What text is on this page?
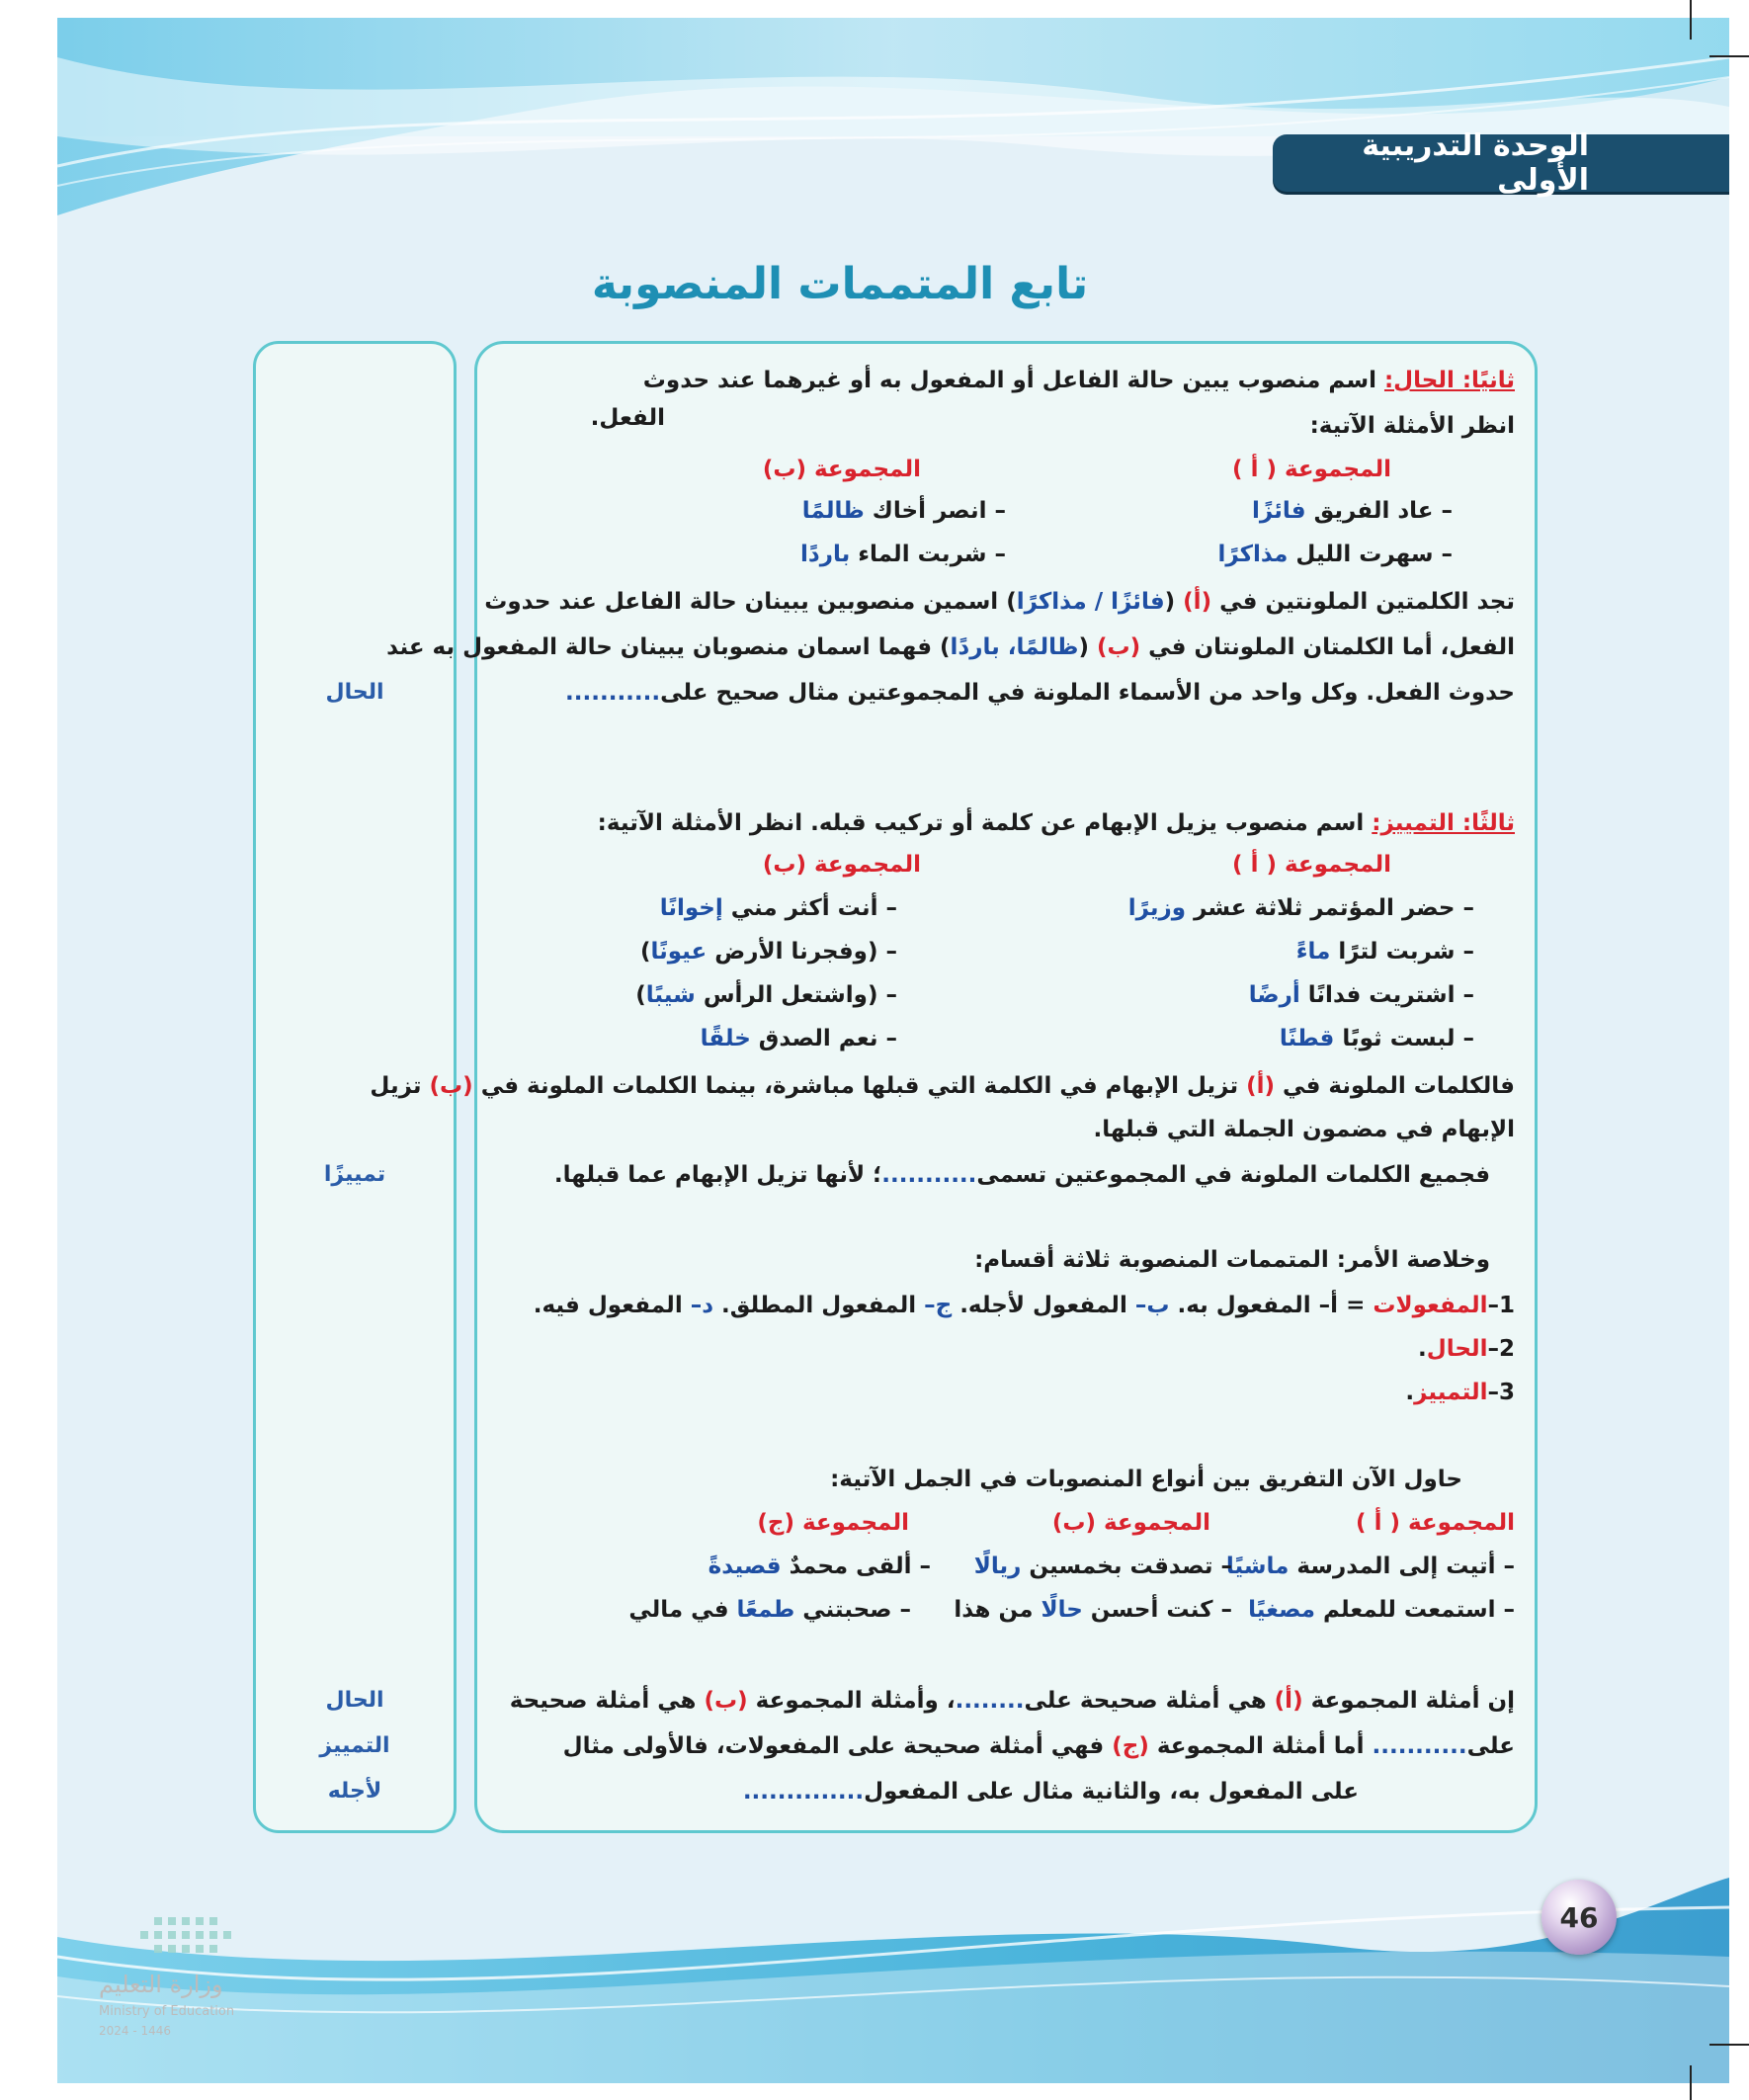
الوحدة التدريبية الأولى
تابع المتممات المنصوبة
الحال
تمييزًا
الحال
التمييز
لأجله
ثانيًا: الحال: اسم منصوب يبين حالة الفاعل أو المفعول به أو غيرهما عند حدوث
الفعل.	انظر الأمثلة الآتية:
المجموعة ( أ )
المجموعة (ب)
– عاد الفريق فائزًا
– سهرت الليل مذاكرًا
– انصر أخاك ظالمًا
– شربت الماء باردًا
تجد الكلمتين الملونتين في (أ) (فائزًا / مذاكرًا) اسمين منصوبين يبينان حالة الفاعل عند حدوث
الفعل، أما الكلمتان الملونتان في (ب) (ظالمًا، باردًا) فهما اسمان منصوبان يبينان حالة المفعول به عند
حدوث الفعل. وكل واحد من الأسماء الملونة في المجموعتين مثال صحيح على...........
ثالثًا: التمييز: اسم منصوب يزيل الإبهام عن كلمة أو تركيب قبله. انظر الأمثلة الآتية:
المجموعة ( أ )
المجموعة (ب)
– حضر المؤتمر ثلاثة عشر وزيرًا
– شربت لترًا ماءً
– اشتريت فدانًا أرضًا
– لبست ثوبًا قطنًا
– أنت أكثر مني إخوانًا
– (وفجرنا الأرض عيونًا)
– (واشتعل الرأس شيبًا)
– نعم الصدق خلقًا
فالكلمات الملونة في (أ) تزيل الإبهام في الكلمة التي قبلها مباشرة، بينما الكلمات الملونة في (ب) تزيل
الإبهام في مضمون الجملة التي قبلها.
فجميع الكلمات الملونة في المجموعتين تسمى...........؛ لأنها تزيل الإبهام عما قبلها.
وخلاصة الأمر: المتممات المنصوبة ثلاثة أقسام:
1–المفعولات = أ– المفعول به. ب– المفعول لأجله. ج– المفعول المطلق. د– المفعول فيه.
2–الحال.
3–التمييز.
حاول الآن التفريق بين أنواع المنصوبات في الجمل الآتية:
المجموعة ( أ )
المجموعة (ب)
المجموعة (ج)
– أتيت إلى المدرسة ماشيًا
– استمعت للمعلم مصغيًا
– تصدقت بخمسين ريالًا
– كنت أحسن حالًا من هذا
– ألقى محمدٌ قصيدةً
– صحبتني طمعًا في مالي
إن أمثلة المجموعة (أ) هي أمثلة صحيحة على........، وأمثلة المجموعة (ب) هي أمثلة صحيحة
على........... أما أمثلة المجموعة (ج) فهي أمثلة صحيحة على المفعولات، فالأولى مثال
على المفعول به، والثانية مثال على المفعول..............
46
وزارة التعليم
Ministry of Education
2024 - 1446
